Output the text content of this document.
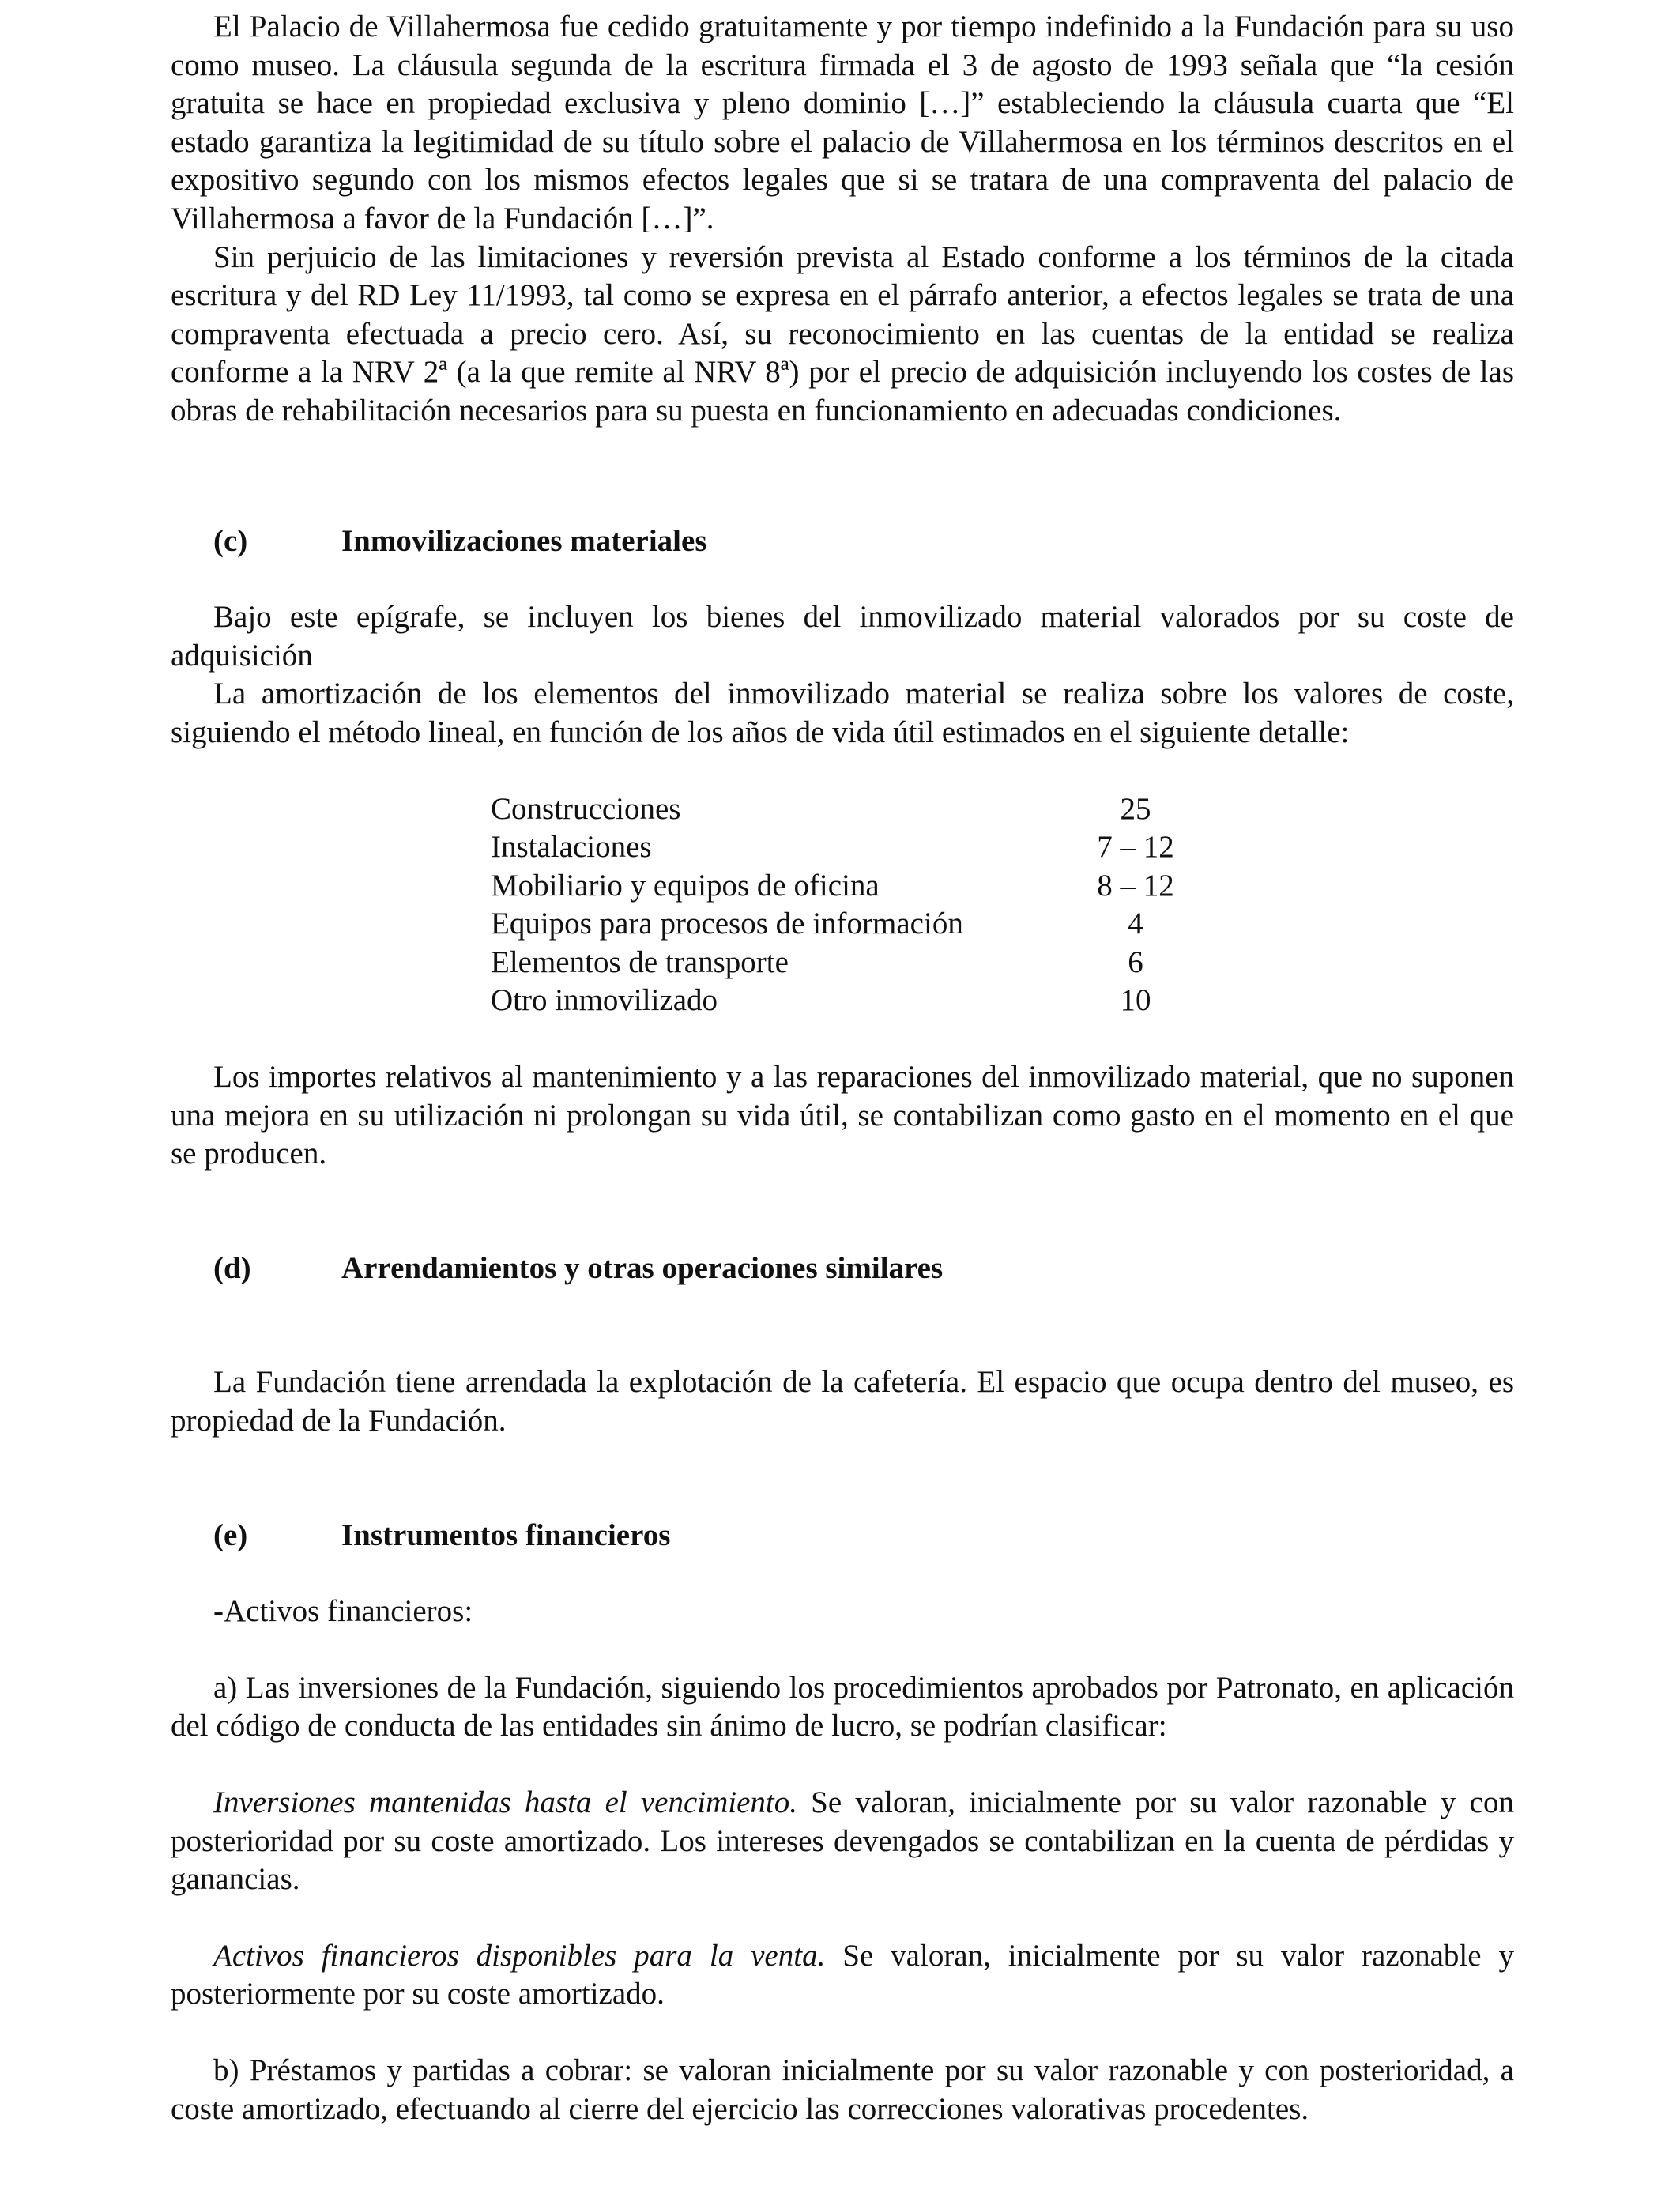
El Palacio de Villahermosa fue cedido gratuitamente y por tiempo indefinido a la Fundación para su uso como museo. La cláusula segunda de la escritura firmada el 3 de agosto de 1993 señala que “la cesión gratuita se hace en propiedad exclusiva y pleno dominio […]” estableciendo la cláusula cuarta que “El estado garantiza la legitimidad de su título sobre el palacio de Villahermosa en los términos descritos en el expositivo segundo con los mismos efectos legales que si se tratara de una compraventa del palacio de Villahermosa a favor de la Fundación […]”.

Sin perjuicio de las limitaciones y reversión prevista al Estado conforme a los términos de la citada escritura y del RD Ley 11/1993, tal como se expresa en el párrafo anterior, a efectos legales se trata de una compraventa efectuada a precio cero. Así, su reconocimiento en las cuentas de la entidad se realiza conforme a la NRV 2ª (a la que remite al NRV 8ª) por el precio de adquisición incluyendo los costes de las obras de rehabilitación necesarios para su puesta en funcionamiento en adecuadas condiciones.

(c)	Inmovilizaciones materiales

Bajo este epígrafe, se incluyen los bienes del inmovilizado material valorados por su coste de adquisición

La amortización de los elementos del inmovilizado material se realiza sobre los valores de coste, siguiendo el método lineal, en función de los años de vida útil estimados en el siguiente detalle:

Construcciones	25
Instalaciones	7 – 12
Mobiliario y equipos de oficina	8 – 12
Equipos para procesos de información	4
Elementos de transporte	6
Otro inmovilizado	10

Los importes relativos al mantenimiento y a las reparaciones del inmovilizado material, que no suponen una mejora en su utilización ni prolongan su vida útil, se contabilizan como gasto en el momento en el que se producen.

(d)	Arrendamientos y otras operaciones similares

La Fundación tiene arrendada la explotación de la cafetería. El espacio que ocupa dentro del museo, es propiedad de la Fundación.

(e)	Instrumentos financieros

-Activos financieros:

a) Las inversiones de la Fundación, siguiendo los procedimientos aprobados por Patronato, en aplicación del código de conducta de las entidades sin ánimo de lucro, se podrían clasificar:

Inversiones mantenidas hasta el vencimiento. Se valoran, inicialmente por su valor razonable y con posterioridad por su coste amortizado. Los intereses devengados se contabilizan en la cuenta de pérdidas y ganancias.

Activos financieros disponibles para la venta. Se valoran, inicialmente por su valor razonable y posteriormente por su coste amortizado.

b) Préstamos y partidas a cobrar: se valoran inicialmente por su valor razonable y con posterioridad, a coste amortizado, efectuando al cierre del ejercicio las correcciones valorativas procedentes.
